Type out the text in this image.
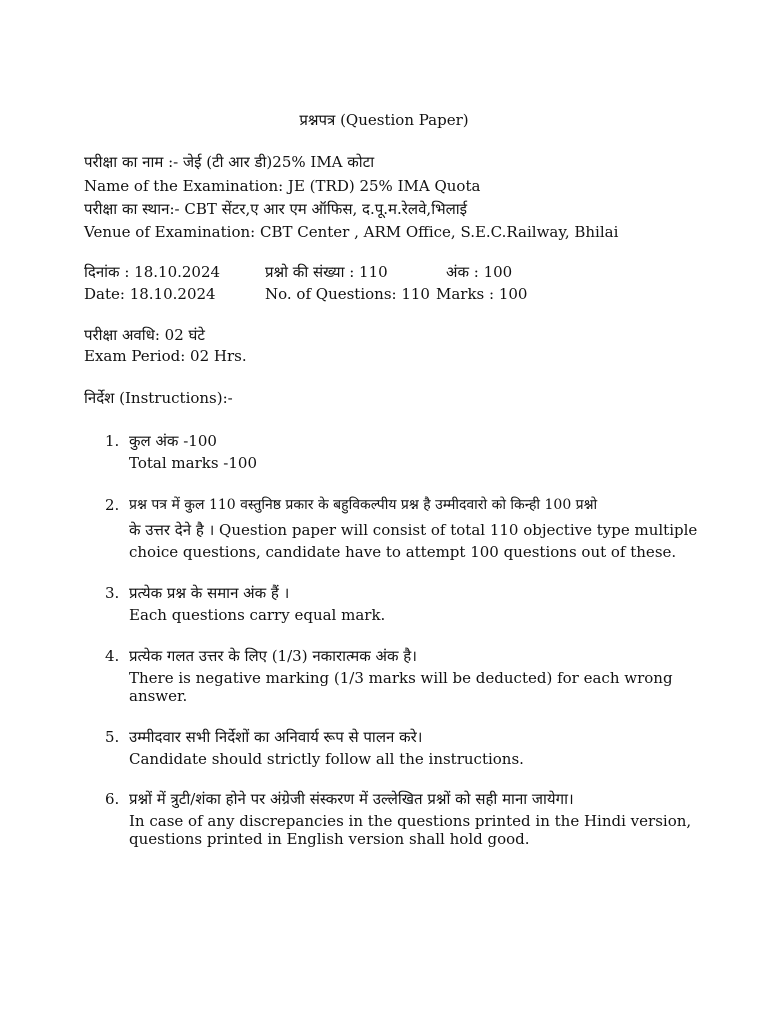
प्रश्नपत्र (Question Paper)
परीक्षा का नाम :- जेई (टी आर डी)25% IMA कोटा
Name of the Examination: JE (TRD) 25% IMA Quota
परीक्षा का स्थान:- CBT सेंटर,ए आर एम ऑफिस, द.पू.म.रेलवे,भिलाई
Venue of Examination: CBT Center , ARM Office, S.E.C.Railway, Bhilai
दिनांक : 18.10.2024	प्रश्नो की संख्या : 110	अंक : 100
Date: 18.10.2024	No. of Questions: 110 Marks : 100
परीक्षा अवधि: 02 घंटे
Exam Period: 02 Hrs.
निर्देश (Instructions):-
1. कुल अंक -100
Total marks -100
2. प्रश्न पत्र में कुल 110 वस्तुनिष्ठ प्रकार के बहुविकल्पीय प्रश्न है उम्मीदवारो को किन्ही 100 प्रश्नो
के उत्तर देने है । Question paper will consist of total 110 objective type multiple
choice questions, candidate have to attempt 100 questions out of these.
3. प्रत्येक प्रश्न के समान अंक हैं ।
Each questions carry equal mark.
4. प्रत्येक गलत उत्तर के लिए (1/3) नकारात्मक अंक है।
There is negative marking (1/3 marks will be deducted) for each wrong
answer.
5. उम्मीदवार सभी निर्देशों का अनिवार्य रूप से पालन करे।
Candidate should strictly follow all the instructions.
6. प्रश्नों में त्रुटी/शंका होने पर अंग्रेजी संस्करण में उल्लेखित प्रश्नों को सही माना जायेगा।
In case of any discrepancies in the questions printed in the Hindi version,
questions printed in English version shall hold good.
